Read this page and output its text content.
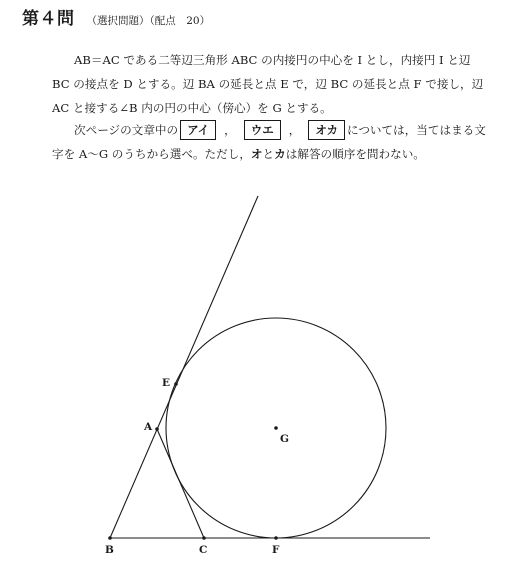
第４問 （選択問題）（配点　20）
AB＝AC である二等辺三角形 ABC の内接円の中心を I とし，内接円 I と辺
BC の接点を D とする。辺 BA の延長と点 E で，辺 BC の延長と点 F で接し，辺
AC と接する∠B 内の円の中心（傍心）を G とする。
次ページの文章中の アイ	，	ウエ	，	オカ については，当てはまる文
字を A～G のうちから選べ。ただし，オとカは解答の順序を問わない。
E
A
G
B	C	F
